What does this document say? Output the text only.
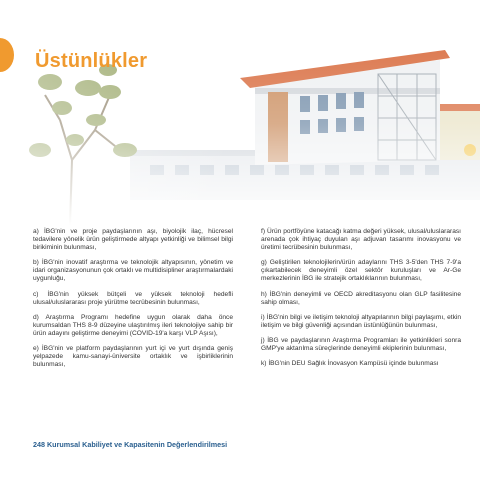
Üstünlükler

a) İBG'nin ve proje paydaşlarının aşı, biyolojik ilaç, hücresel tedavilere yönelik ürün geliştirmede altyapı yetkinliği ve bilimsel bilgi birikiminin bulunması,

b) İBG'nin inovatif araştırma ve teknolojik altyapısının, yönetim ve idari organizasyonunun çok ortaklı ve multidisipliner araştırmalardaki uygunluğu,

c) İBG'nin yüksek bütçeli ve yüksek teknoloji hedefli ulusal/uluslararası proje yürütme tecrübesinin bulunması,

d) Araştırma Programı hedefine uygun olarak daha önce kurumsaldan THS 8-9 düzeyine ulaştırılmış ileri teknolojiye sahip bir ürün adayını geliştirme deneyimi (COVID-19'a karşı VLP Aşısı),

e) İBG'nin ve platform paydaşlarının yurt içi ve yurt dışında geniş yelpazede kamu-sanayi-üniversite ortaklık ve işbirliklerinin bulunması,

f) Ürün portföyüne katacağı katma değeri yüksek, ulusal/uluslararası arenada çok ihtiyaç duyulan aşı adjuvan tasarımı inovasyonu ve üretimi tecrübesinin bulunması,

g) Geliştirilen teknolojilerin/ürün adaylarını THS 3-5'den THS 7-9'a çıkartabilecek deneyimli özel sektör kuruluşları ve Ar-Ge merkezlerinin İBG ile stratejik ortaklıklarının bulunması,

h) İBG'nin deneyimli ve OECD akreditasyonu olan GLP fasilitesine sahip olması,

i) İBG'nin bilgi ve iletişim teknoloji altyapılarının bilgi paylaşımı, etkin iletişim ve bilgi güvenliği açısından üstünlüğünün bulunması,

j) İBG ve paydaşlarının Araştırma Programları ile yetkinlikleri sonra GMP'ye aktarılma süreçlerinde deneyimli ekiplerinin bulunması,

k) İBG'nin DEU Sağlık İnovasyon Kampüsü içinde bulunması

248 Kurumsal Kabiliyet ve Kapasitenin Değerlendirilmesi
